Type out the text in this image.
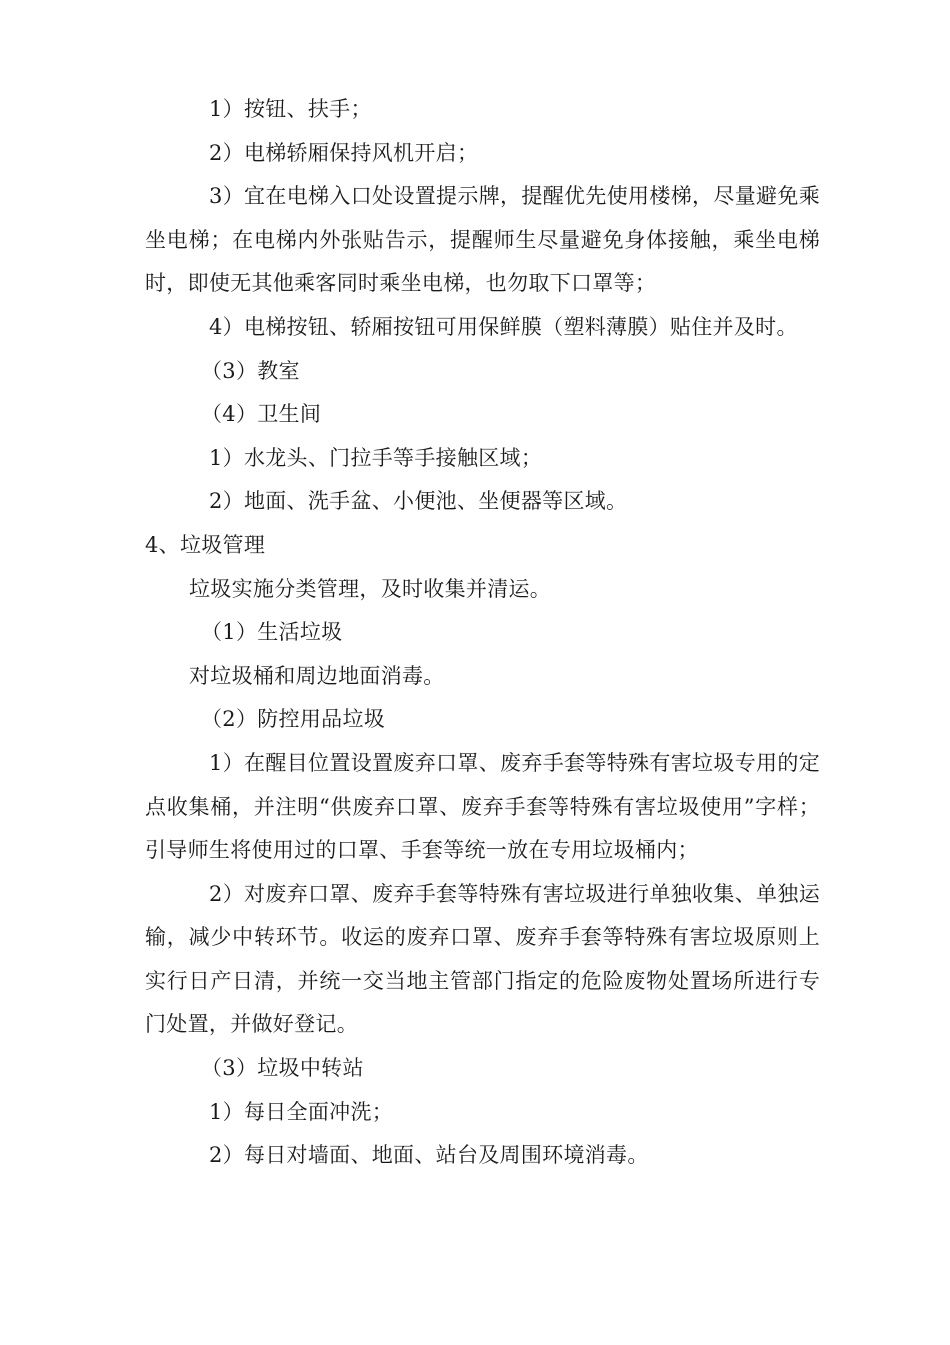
1）按钮、扶手；

2）电梯轿厢保持风机开启；

3）宜在电梯入口处设置提示牌，提醒优先使用楼梯，尽量避免乘坐电梯；在电梯内外张贴告示，提醒师生尽量避免身体接触，乘坐电梯时，即使无其他乘客同时乘坐电梯，也勿取下口罩等；

4）电梯按钮、轿厢按钮可用保鲜膜（塑料薄膜）贴住并及时。

（3）教室

（4）卫生间

1）水龙头、门拉手等手接触区域；

2）地面、洗手盆、小便池、坐便器等区域。

4、垃圾管理

垃圾实施分类管理，及时收集并清运。

（1）生活垃圾

对垃圾桶和周边地面消毒。

（2）防控用品垃圾

1）在醒目位置设置废弃口罩、废弃手套等特殊有害垃圾专用的定点收集桶，并注明“供废弃口罩、废弃手套等特殊有害垃圾使用”字样；引导师生将使用过的口罩、手套等统一放在专用垃圾桶内；

2）对废弃口罩、废弃手套等特殊有害垃圾进行单独收集、单独运输，减少中转环节。收运的废弃口罩、废弃手套等特殊有害垃圾原则上实行日产日清，并统一交当地主管部门指定的危险废物处置场所进行专门处置，并做好登记。

（3）垃圾中转站

1）每日全面冲洗；

2）每日对墙面、地面、站台及周围环境消毒。
